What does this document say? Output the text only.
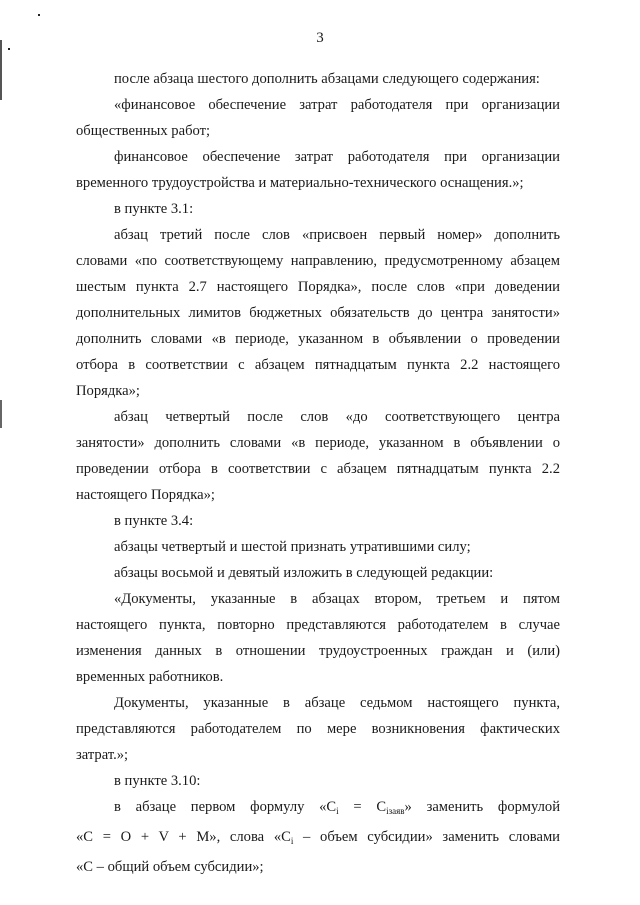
3
после абзаца шестого дополнить абзацами следующего содержания:
«финансовое обеспечение затрат работодателя при организации
общественных работ;
финансовое обеспечение затрат работодателя при организации
временного трудоустройства и материально-технического оснащения.»;
в пункте 3.1:
абзац третий после слов «присвоен первый номер» дополнить
словами «по соответствующему направлению, предусмотренному абзацем
шестым пункта 2.7 настоящего Порядка», после слов «при доведении
дополнительных лимитов бюджетных обязательств до центра занятости»
дополнить словами «в периоде, указанном в объявлении о проведении
отбора в соответствии с абзацем пятнадцатым пункта 2.2 настоящего
Порядка»;
абзац четвертый после слов «до соответствующего центра
занятости» дополнить словами «в периоде, указанном в объявлении о
проведении отбора в соответствии с абзацем пятнадцатым пункта 2.2
настоящего Порядка»;
в пункте 3.4:
абзацы четвертый и шестой признать утратившими силу;
абзацы восьмой и девятый изложить в следующей редакции:
«Документы, указанные в абзацах втором, третьем и пятом
настоящего пункта, повторно представляются работодателем в случае
изменения данных в отношении трудоустроенных граждан и (или)
временных работников.
Документы, указанные в абзаце седьмом настоящего пункта,
представляются работодателем по мере возникновения фактических
затрат.»;
в пункте 3.10:
в абзаце первом формулу «$C_i = C_{iзаяв}$» заменить формулой
«C = O + V + M», слова «$C_i$ – объем субсидии» заменить словами
«C – общий объем субсидии»;
